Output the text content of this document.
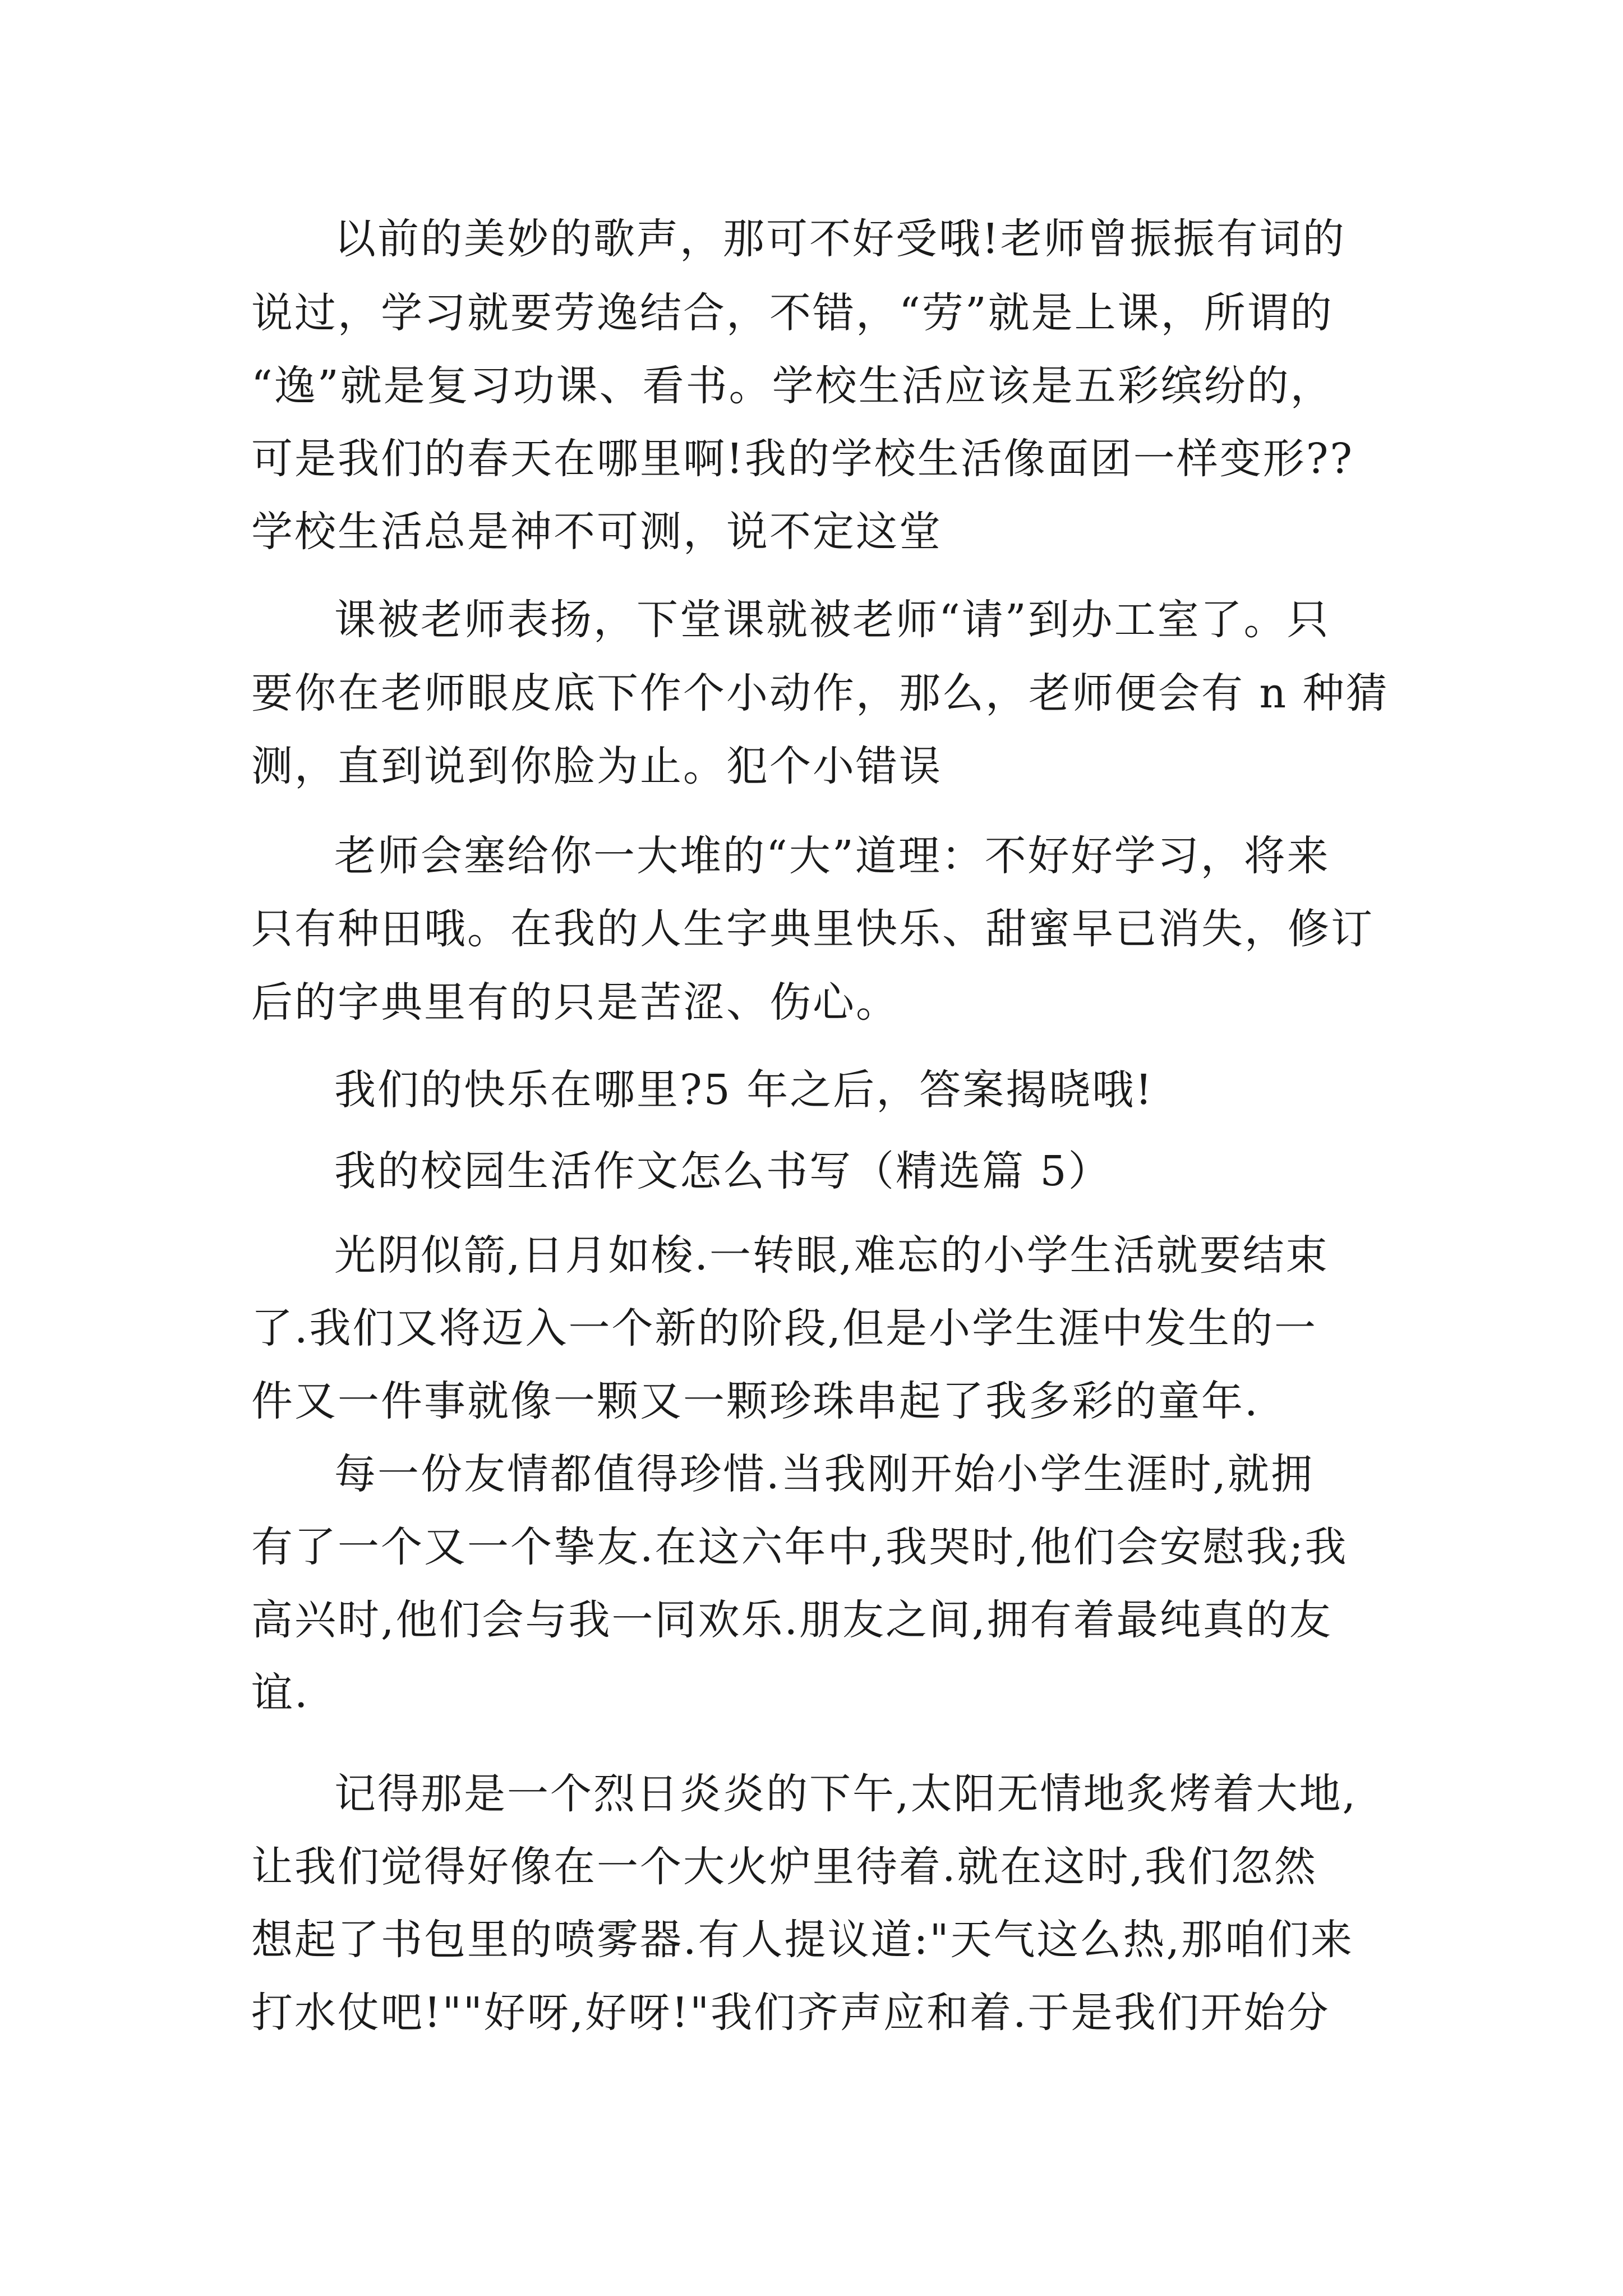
以前的美妙的歌声，那可不好受哦!老师曾振振有词的
说过，学习就要劳逸结合，不错，“劳”就是上课，所谓的
“逸”就是复习功课、看书。学校生活应该是五彩缤纷的，
可是我们的春天在哪里啊!我的学校生活像面团一样变形??
学校生活总是神不可测，说不定这堂
课被老师表扬，下堂课就被老师“请”到办工室了。只
要你在老师眼皮底下作个小动作，那么，老师便会有 n 种猜
测，直到说到你脸为止。犯个小错误
老师会塞给你一大堆的“大”道理：不好好学习，将来
只有种田哦。在我的人生字典里快乐、甜蜜早已消失，修订
后的字典里有的只是苦涩、伤心。
我们的快乐在哪里?5 年之后，答案揭晓哦!
我的校园生活作文怎么书写（精选篇 5）
光阴似箭,日月如梭.一转眼,难忘的小学生活就要结束
了.我们又将迈入一个新的阶段,但是小学生涯中发生的一
件又一件事就像一颗又一颗珍珠串起了我多彩的童年.
每一份友情都值得珍惜.当我刚开始小学生涯时,就拥
有了一个又一个挚友.在这六年中,我哭时,他们会安慰我;我
高兴时,他们会与我一同欢乐.朋友之间,拥有着最纯真的友
谊.
记得那是一个烈日炎炎的下午,太阳无情地炙烤着大地,
让我们觉得好像在一个大火炉里待着.就在这时,我们忽然
想起了书包里的喷雾器.有人提议道:"天气这么热,那咱们来
打水仗吧!""好呀,好呀!"我们齐声应和着.于是我们开始分
